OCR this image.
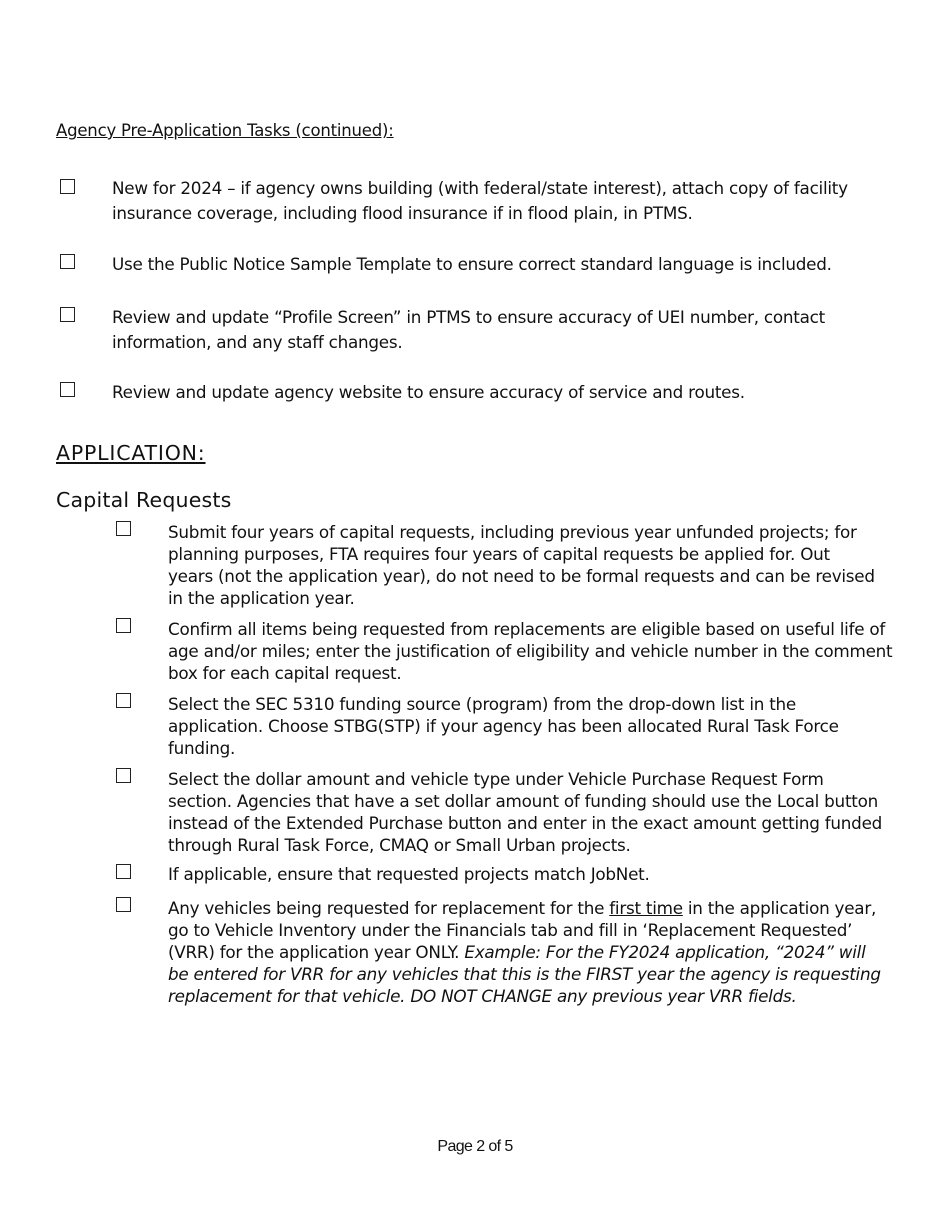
Agency Pre-Application Tasks (continued):
New for 2024 – if agency owns building (with federal/state interest), attach copy of facility
insurance coverage, including flood insurance if in flood plain, in PTMS.
Use the Public Notice Sample Template to ensure correct standard language is included.
Review and update “Profile Screen” in PTMS to ensure accuracy of UEI number, contact
information, and any staff changes.
Review and update agency website to ensure accuracy of service and routes.
APPLICATION:
Capital Requests
Submit four years of capital requests, including previous year unfunded projects; for
planning purposes, FTA requires four years of capital requests be applied for. Out
years (not the application year), do not need to be formal requests and can be revised
in the application year.
Confirm all items being requested from replacements are eligible based on useful life of
age and/or miles; enter the justification of eligibility and vehicle number in the comment
box for each capital request.
Select the SEC 5310 funding source (program) from the drop-down list in the
application. Choose STBG(STP) if your agency has been allocated Rural Task Force
funding.
Select the dollar amount and vehicle type under Vehicle Purchase Request Form
section. Agencies that have a set dollar amount of funding should use the Local button
instead of the Extended Purchase button and enter in the exact amount getting funded
through Rural Task Force, CMAQ or Small Urban projects.
If applicable, ensure that requested projects match JobNet.
Any vehicles being requested for replacement for the first time in the application year,
go to Vehicle Inventory under the Financials tab and fill in ‘Replacement Requested’
(VRR) for the application year ONLY. Example: For the FY2024 application, “2024” will
be entered for VRR for any vehicles that this is the FIRST year the agency is requesting
replacement for that vehicle. DO NOT CHANGE any previous year VRR fields.
Page 2 of 5
